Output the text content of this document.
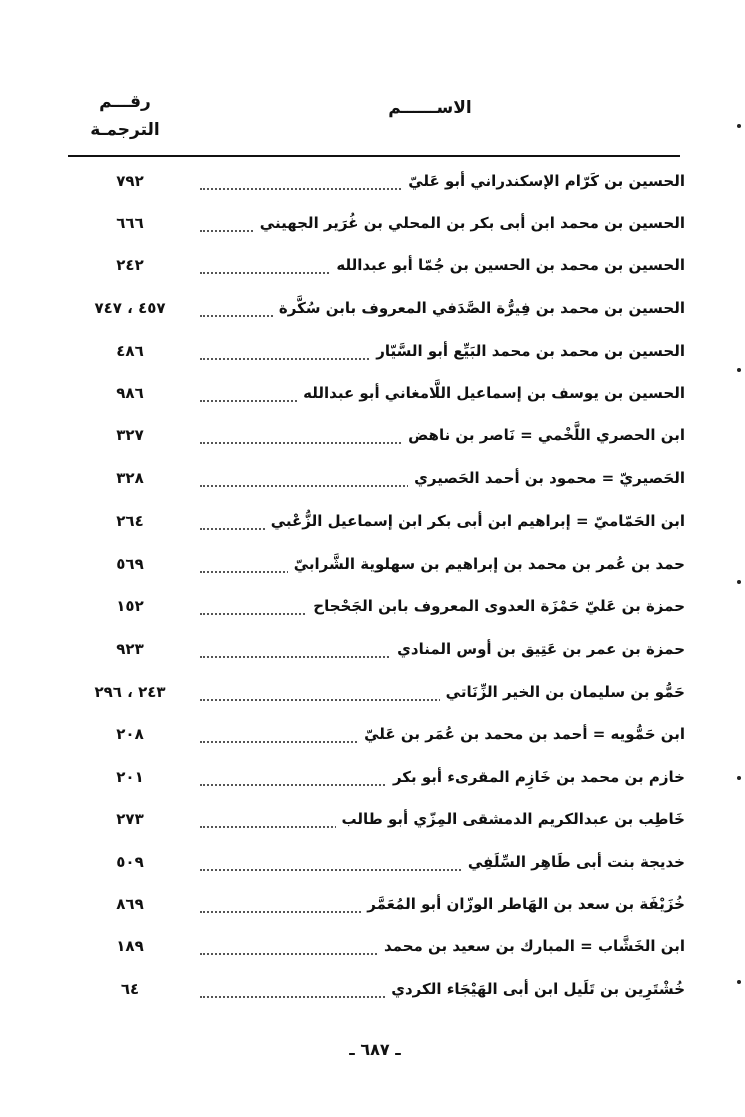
الاســــــم
رقـــم
الترجمـة
الحسين بن كَرّام الإسكندراني أبو عَليّ
٧٩٢
الحسين بن محمد ابن أبى بكر بن المحلي بن غُرَير الجهيني
٦٦٦
الحسين بن محمد بن الحسين بن جُمّا أبو عبدالله
٢٤٢
الحسين بن محمد بن فِيرُّة الصَّدَفي المعروف بابن سُكَّرة
٤٥٧ ، ٧٤٧
الحسين بن محمد بن محمد البَيِّع أبو السَّيّار
٤٨٦
الحسين بن يوسف بن إسماعيل اللَّامغاني أبو عبدالله
٩٨٦
ابن الحصري اللَّخْمي = نَاصر بن ناهض
٣٢٧
الحَصيريّ = محمود بن أحمد الحَصيري
٣٢٨
ابن الحَمّاميّ = إبراهيم ابن أبى بكر ابن إسماعيل الزُّعْبي
٢٦٤
حمد بن عُمر بن محمد بن إبراهيم بن سهلوية الشَّرابيّ
٥٦٩
حمزة بن عَليّ حَمْزَة العدوى المعروف بابن الجَحْجاح
١٥٢
حمزة بن عمر بن عَتِيق بن أوس المنادي
٩٢٣
حَمُّو بن سليمان بن الخير الزِّنَاتي
٢٤٣ ، ٢٩٦
ابن حَمُّويه = أحمد بن محمد بن عُمَر بن عَليّ
٢٠٨
خازم بن محمد بن خَازِم المقرىء أبو بكر
٢٠١
خَاطِب بن عبدالكريم الدمشقى المِزّي أبو طالب
٢٧٣
خديجة بنت أبى طَاهِر السِّلَفِي
٥٠٩
خُزَيْفَة بن سعد بن الهَاطر الوزّان أبو المُعَمَّر
٨٦٩
ابن الخَشَّاب = المبارك بن سعيد بن محمد
١٨٩
خُشْتَرِين بن تَلَيل ابن أبى الهَيْجَاء الكردي
٦٤
ـ ٦٨٧ ـ
